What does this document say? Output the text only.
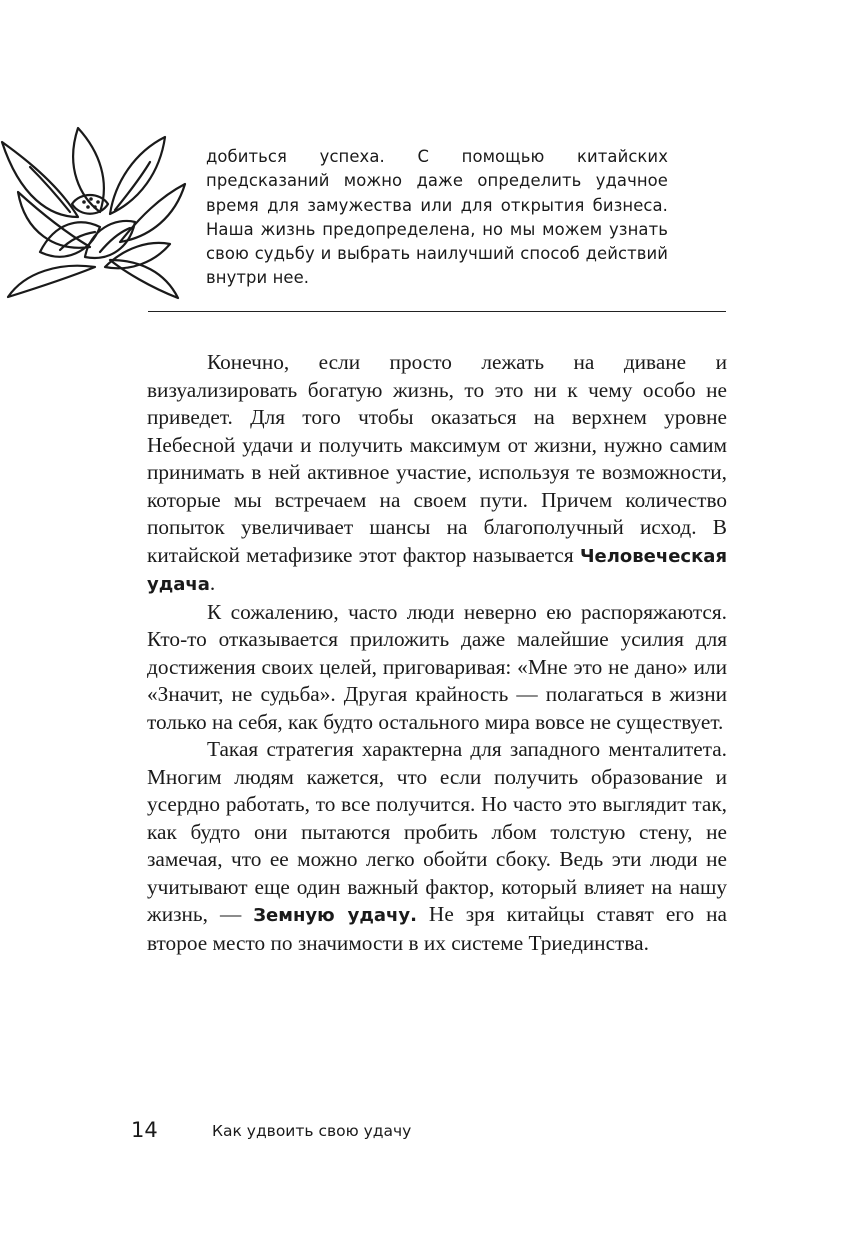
добиться успеха. С помощью китайских предсказаний можно даже определить удачное время для замужества или для открытия бизнеса. Наша жизнь предопределена, но мы можем узнать свою судьбу и выбрать наилучший способ действий внутри нее.

Конечно, если просто лежать на диване и визуализировать богатую жизнь, то это ни к чему особо не приведет. Для того чтобы оказаться на верхнем уровне Небесной удачи и получить максимум от жизни, нужно самим принимать в ней активное участие, используя те возможности, которые мы встречаем на своем пути. Причем количество попыток увеличивает шансы на благополучный исход. В китайской метафизике этот фактор называется Человеческая удача.

К сожалению, часто люди неверно ею распоряжаются. Кто-то отказывается приложить даже малейшие усилия для достижения своих целей, приговаривая: «Мне это не дано» или «Значит, не судьба». Другая крайность — полагаться в жизни только на себя, как будто остального мира вовсе не существует.

Такая стратегия характерна для западного менталитета. Многим людям кажется, что если получить образование и усердно работать, то все получится. Но часто это выглядит так, как будто они пытаются пробить лбом толстую стену, не замечая, что ее можно легко обойти сбоку. Ведь эти люди не учитывают еще один важный фактор, который влияет на нашу жизнь, — Земную удачу. Не зря китайцы ставят его на второе место по значимости в их системе Триединства.

14	Как удвоить свою удачу
